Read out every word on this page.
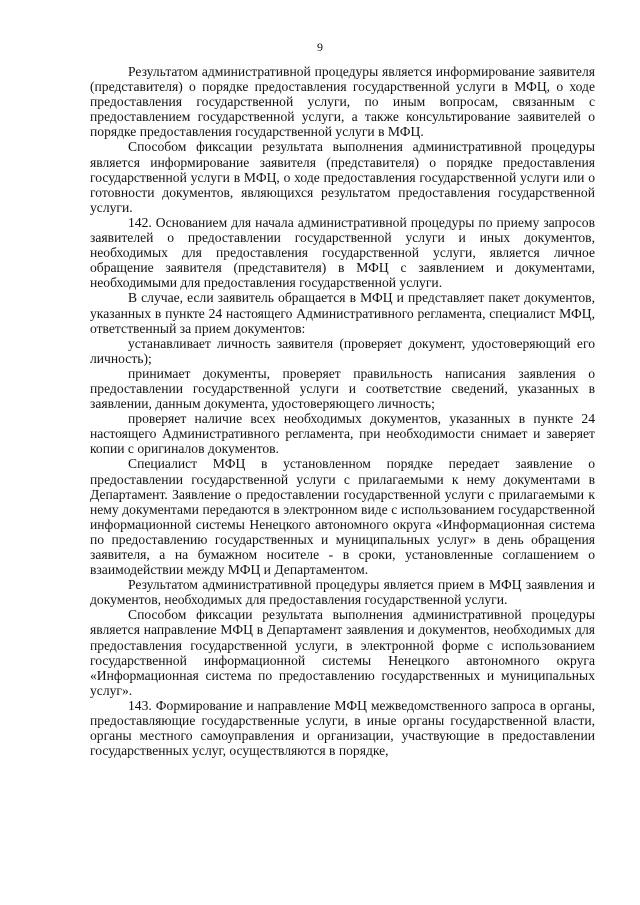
9

Результатом административной процедуры является информирование заявителя (представителя) о порядке предоставления государственной услуги в МФЦ, о ходе предоставления государственной услуги, по иным вопросам, связанным с предоставлением государственной услуги, а также консультирование заявителей о порядке предоставления государственной услуги в МФЦ.

Способом фиксации результата выполнения административной процедуры является информирование заявителя (представителя) о порядке предоставления государственной услуги в МФЦ, о ходе предоставления государственной услуги или о готовности документов, являющихся результатом предоставления государственной услуги.

142. Основанием для начала административной процедуры по приему запросов заявителей о предоставлении государственной услуги и иных документов, необходимых для предоставления государственной услуги, является личное обращение заявителя (представителя) в МФЦ с заявлением и документами, необходимыми для предоставления государственной услуги.

В случае, если заявитель обращается в МФЦ и представляет пакет документов, указанных в пункте 24 настоящего Административного регламента, специалист МФЦ, ответственный за прием документов:

устанавливает личность заявителя (проверяет документ, удостоверяющий его личность);

принимает документы, проверяет правильность написания заявления о предоставлении государственной услуги и соответствие сведений, указанных в заявлении, данным документа, удостоверяющего личность;

проверяет наличие всех необходимых документов, указанных в пункте 24 настоящего Административного регламента, при необходимости снимает и заверяет копии с оригиналов документов.

Специалист МФЦ в установленном порядке передает заявление о предоставлении государственной услуги с прилагаемыми к нему документами в Департамент. Заявление о предоставлении государственной услуги с прилагаемыми к нему документами передаются в электронном виде с использованием государственной информационной системы Ненецкого автономного округа «Информационная система по предоставлению государственных и муниципальных услуг» в день обращения заявителя, а на бумажном носителе - в сроки, установленные соглашением о взаимодействии между МФЦ и Департаментом.

Результатом административной процедуры является прием в МФЦ заявления и документов, необходимых для предоставления государственной услуги.

Способом фиксации результата выполнения административной процедуры является направление МФЦ в Департамент заявления и документов, необходимых для предоставления государственной услуги, в электронной форме с использованием государственной информационной системы Ненецкого автономного округа «Информационная система по предоставлению государственных и муниципальных услуг».

143. Формирование и направление МФЦ межведомственного запроса в органы, предоставляющие государственные услуги, в иные органы государственной власти, органы местного самоуправления и организации, участвующие в предоставлении государственных услуг, осуществляются в порядке,
